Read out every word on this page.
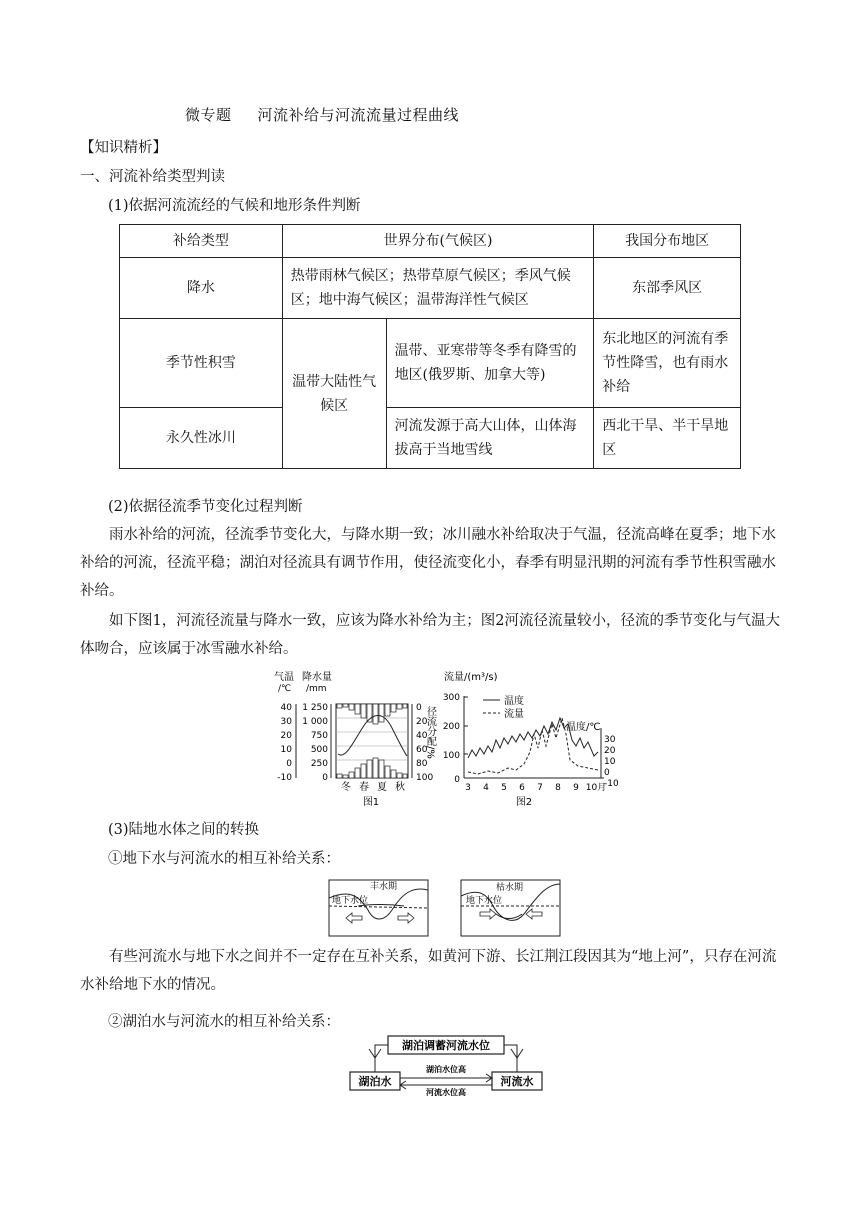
微专题 河流补给与河流流量过程曲线
【知识精析】
一、河流补给类型判读
(1)依据河流流经的气候和地形条件判断
补给类型	世界分布(气候区)		我国分布地区
降水	热带雨林气候区；热带草原气候区；季风气候区；地中海气候区；温带海洋性气候区		东部季风区
季节性积雪	温带大陆性气候区	温带、亚寒带等冬季有降雪的地区(俄罗斯、加拿大等)	东北地区的河流有季节性降雪，也有雨水补给
永久性冰川		河流发源于高大山体，山体海拔高于当地雪线	西北干旱、半干旱地区
(2)依据径流季节变化过程判断
雨水补给的河流，径流季节变化大，与降水期一致；冰川融水补给取决于气温，径流高峰在夏季；地下水补给的河流，径流平稳；湖泊对径流具有调节作用，使径流变化小，春季有明显汛期的河流有季节性积雪融水补给。
如下图1，河流径流量与降水一致，应该为降水补给为主；图2河流径流量较小，径流的季节变化与气温大体吻合，应该属于冰雪融水补给。
气温 降水量
/℃ /mm
40
30
20
10
0
-10
1 250
1 000
750
500
250
0
0
20
40
60
80
100
径流分配/%
冬 春 夏 秋
图1
流量/(m³/s)
300
200
100
0
温度
流量
温度/℃
30
20
10
0
-10
3 4 5 6 7 8 9 10月
图2
(3)陆地水体之间的转换
①地下水与河流水的相互补给关系：
丰水期
地下水位
枯水期
地下水位
有些河流水与地下水之间并不一定存在互补关系，如黄河下游、长江荆江段因其为“地上河”，只存在河流水补给地下水的情况。
②湖泊水与河流水的相互补给关系：
湖泊调蓄河流水位
湖泊水	河流水
湖泊水位高
河流水位高
